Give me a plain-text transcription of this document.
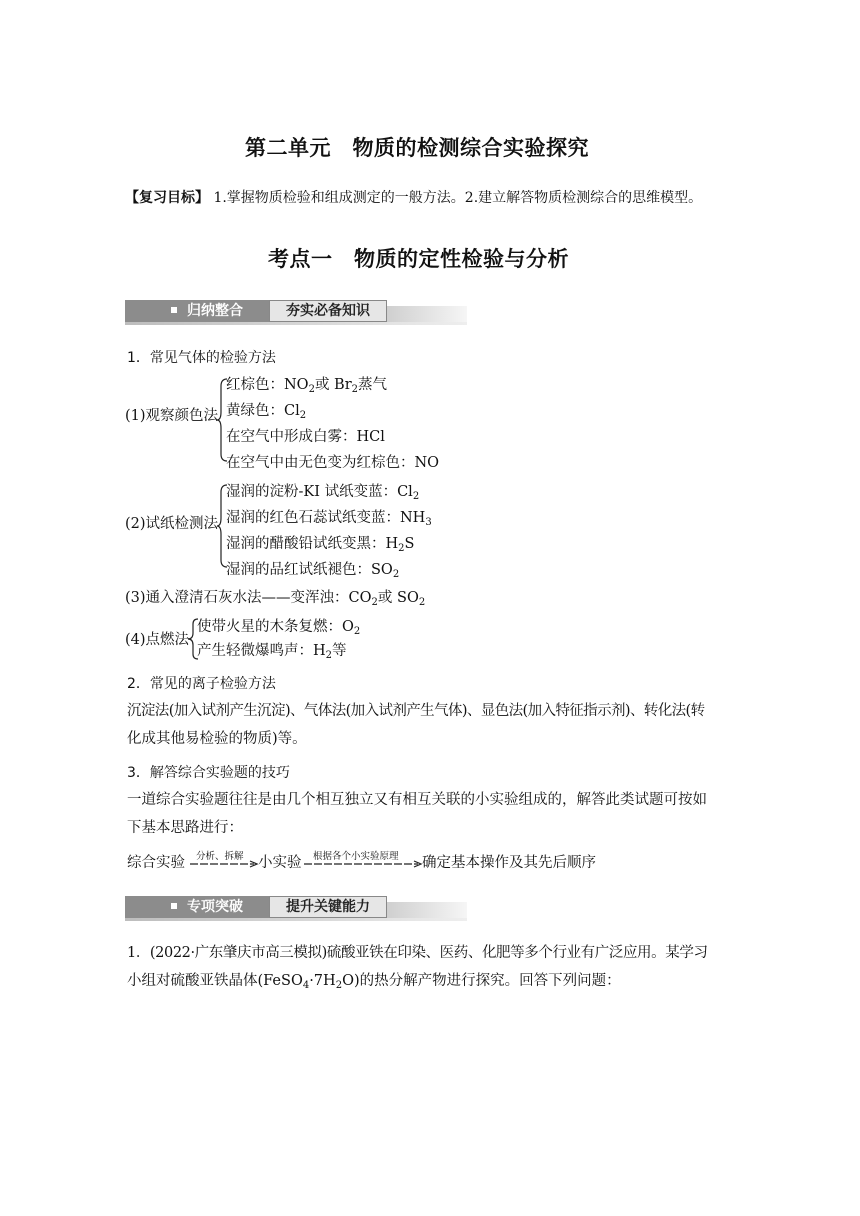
第二单元　物质的检测综合实验探究
【复习目标】 1.掌握物质检验和组成测定的一般方法。2.建立解答物质检测综合的思维模型。
考点一　物质的定性检验与分析
归纳整合	夯实必备知识
1．常见气体的检验方法
(1)观察颜色法
红棕色：$NO_2$或 $Br_2$蒸气
黄绿色：$Cl_2$
在空气中形成白雾：HCl
在空气中由无色变为红棕色：NO
(2)试纸检测法
湿润的淀粉-KI 试纸变蓝：$Cl_2$
湿润的红色石蕊试纸变蓝：$NH_3$
湿润的醋酸铅试纸变黑：$H_2S$
湿润的品红试纸褪色：$SO_2$
(3)通入澄清石灰水法——变浑浊：$CO_2$或 $SO_2$
(4)点燃法
使带火星的木条复燃：$O_2$
产生轻微爆鸣声：$H_2$等
2．常见的离子检验方法
沉淀法(加入试剂产生沉淀)、气体法(加入试剂产生气体)、显色法(加入特征指示剂)、转化法(转
化成其他易检验的物质)等。
3．解答综合实验题的技巧
一道综合实验题往往是由几个相互独立又有相互关联的小实验组成的，解答此类试题可按如
下基本思路进行：
综合实验 分析、拆解 小实验 根据各个小实验原理 确定基本操作及其先后顺序
专项突破	提升关键能力
1．(2022·广东肇庆市高三模拟)硫酸亚铁在印染、医药、化肥等多个行业有广泛应用。某学习
小组对硫酸亚铁晶体$(FeSO_4\cdot 7H_2O)$的热分解产物进行探究。回答下列问题：
